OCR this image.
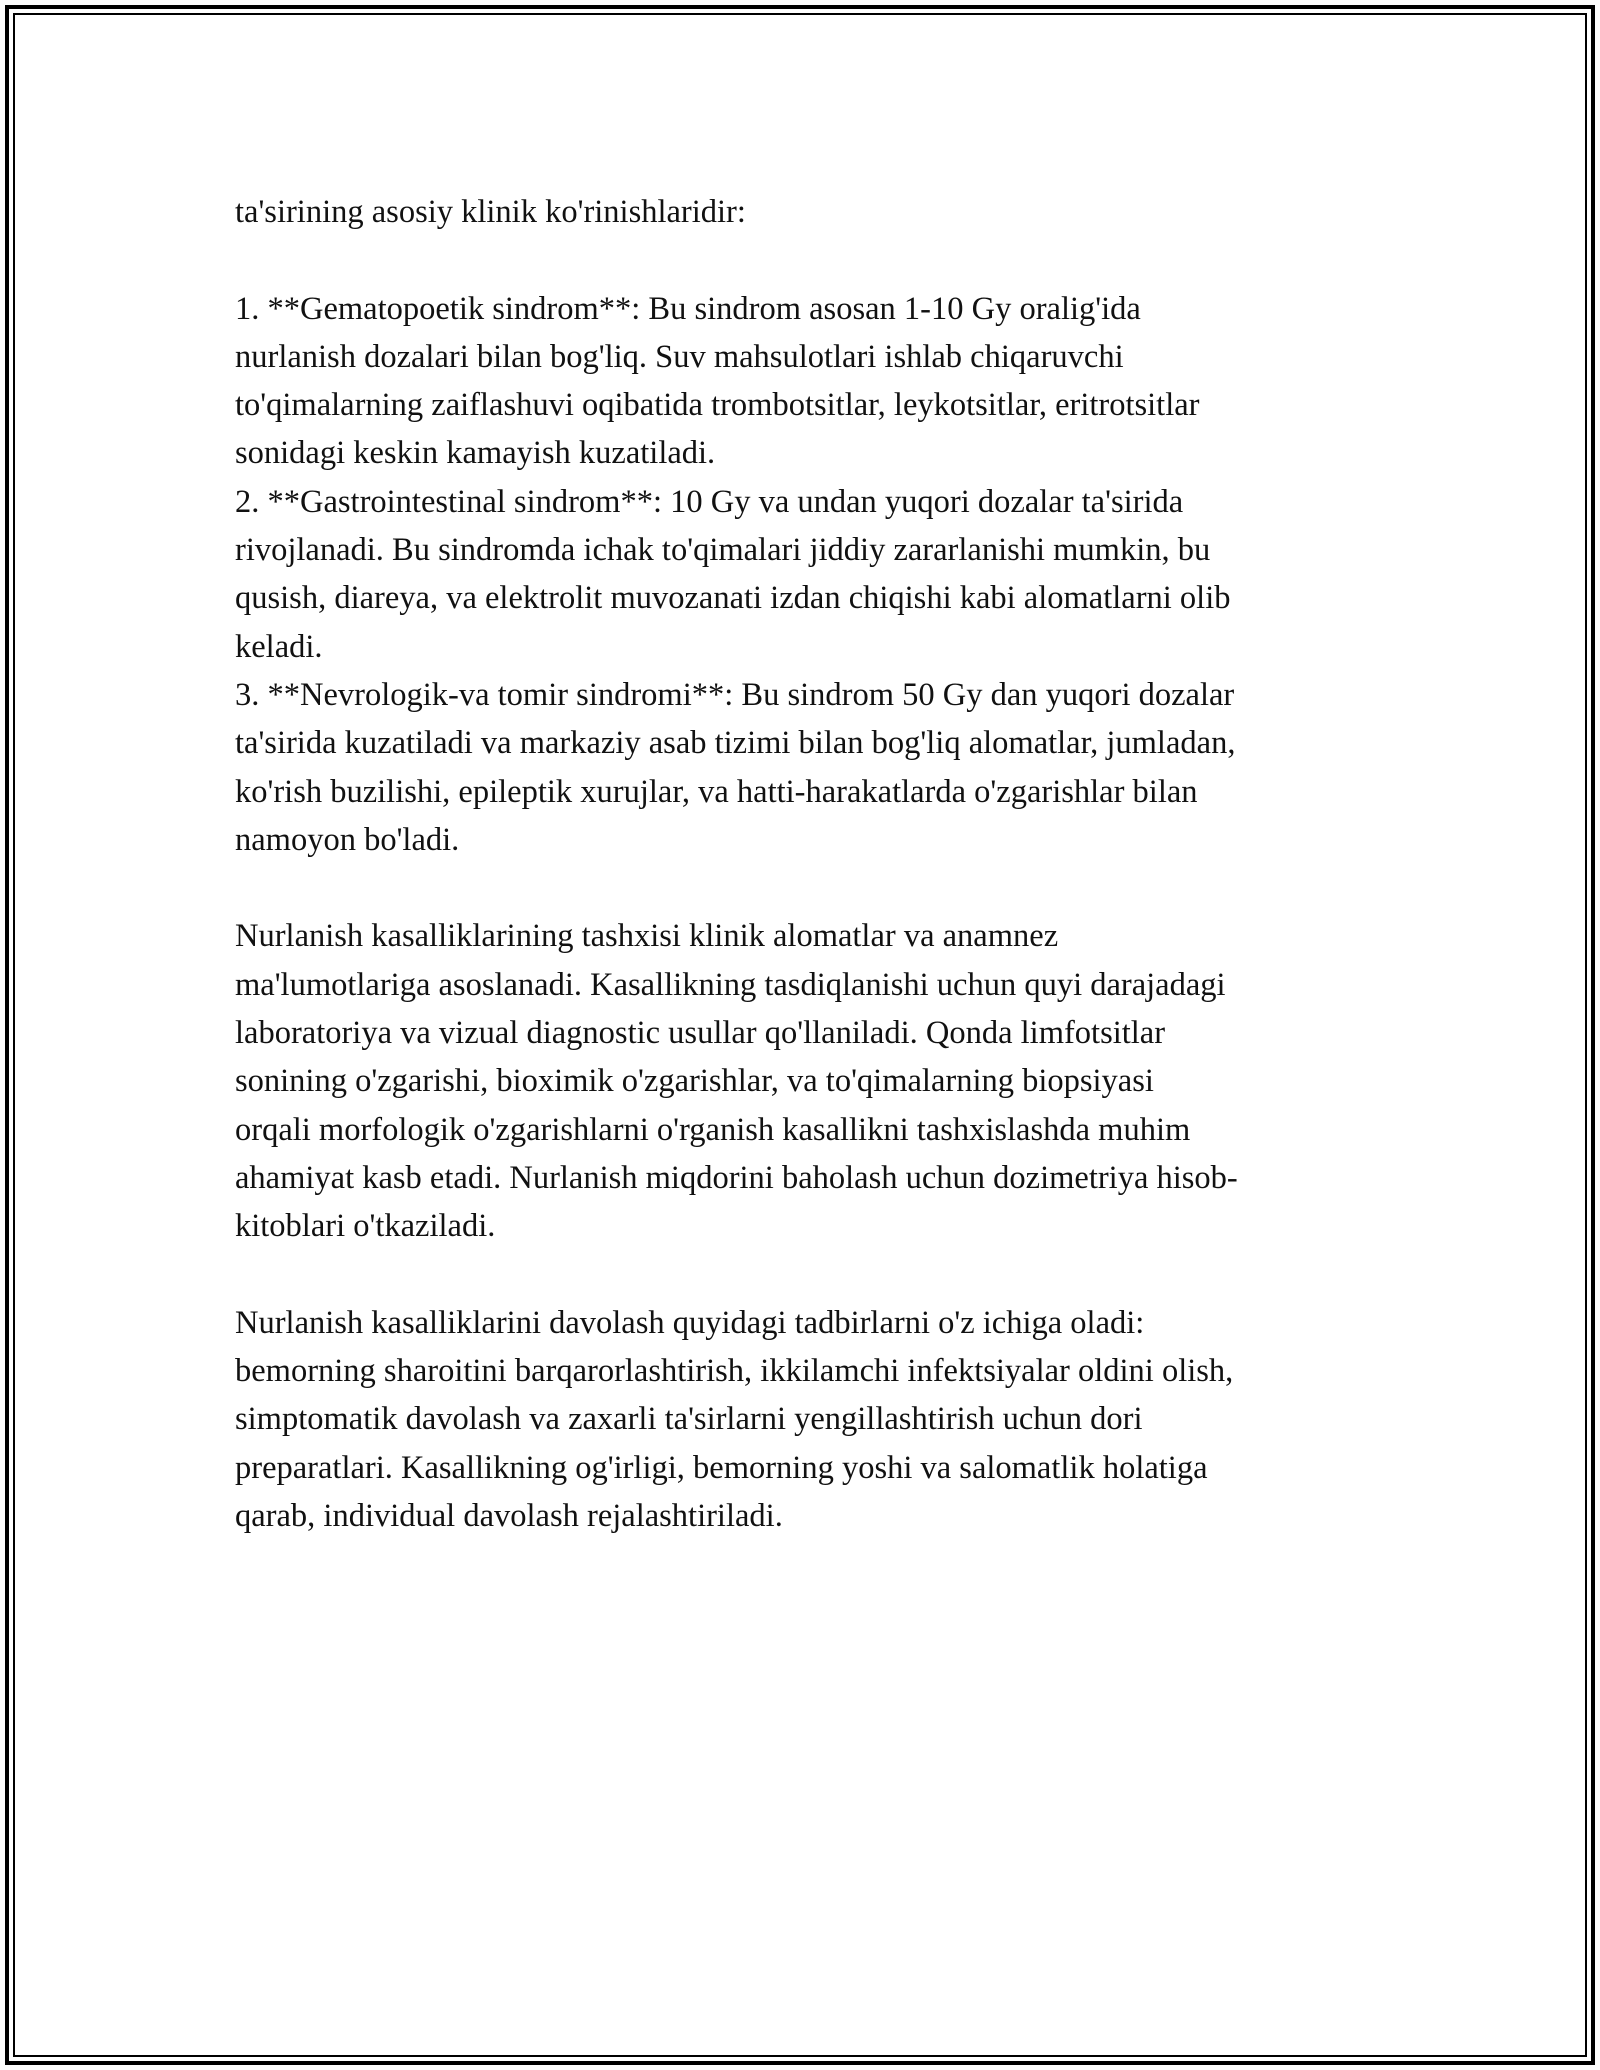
ta'sirining asosiy klinik ko'rinishlaridir:
1. **Gematopoetik sindrom**: Bu sindrom asosan 1-10 Gy oralig'ida
nurlanish dozalari bilan bog'liq. Suv mahsulotlari ishlab chiqaruvchi
to'qimalarning zaiflashuvi oqibatida trombotsitlar, leykotsitlar, eritrotsitlar
sonidagi keskin kamayish kuzatiladi.
2. **Gastrointestinal sindrom**: 10 Gy va undan yuqori dozalar ta'sirida
rivojlanadi. Bu sindromda ichak to'qimalari jiddiy zararlanishi mumkin, bu
qusish, diareya, va elektrolit muvozanati izdan chiqishi kabi alomatlarni olib
keladi.
3. **Nevrologik-va tomir sindromi**: Bu sindrom 50 Gy dan yuqori dozalar
ta'sirida kuzatiladi va markaziy asab tizimi bilan bog'liq alomatlar, jumladan,
ko'rish buzilishi, epileptik xurujlar, va hatti-harakatlarda o'zgarishlar bilan
namoyon bo'ladi.
Nurlanish kasalliklarining tashxisi klinik alomatlar va anamnez
ma'lumotlariga asoslanadi. Kasallikning tasdiqlanishi uchun quyi darajadagi
laboratoriya va vizual diagnostic usullar qo'llaniladi. Qonda limfotsitlar
sonining o'zgarishi, bioximik o'zgarishlar, va to'qimalarning biopsiyasi
orqali morfologik o'zgarishlarni o'rganish kasallikni tashxislashda muhim
ahamiyat kasb etadi. Nurlanish miqdorini baholash uchun dozimetriya hisob-
kitoblari o'tkaziladi.
Nurlanish kasalliklarini davolash quyidagi tadbirlarni o'z ichiga oladi:
bemorning sharoitini barqarorlashtirish, ikkilamchi infektsiyalar oldini olish,
simptomatik davolash va zaxarli ta'sirlarni yengillashtirish uchun dori
preparatlari. Kasallikning og'irligi, bemorning yoshi va salomatlik holatiga
qarab, individual davolash rejalashtiriladi.
